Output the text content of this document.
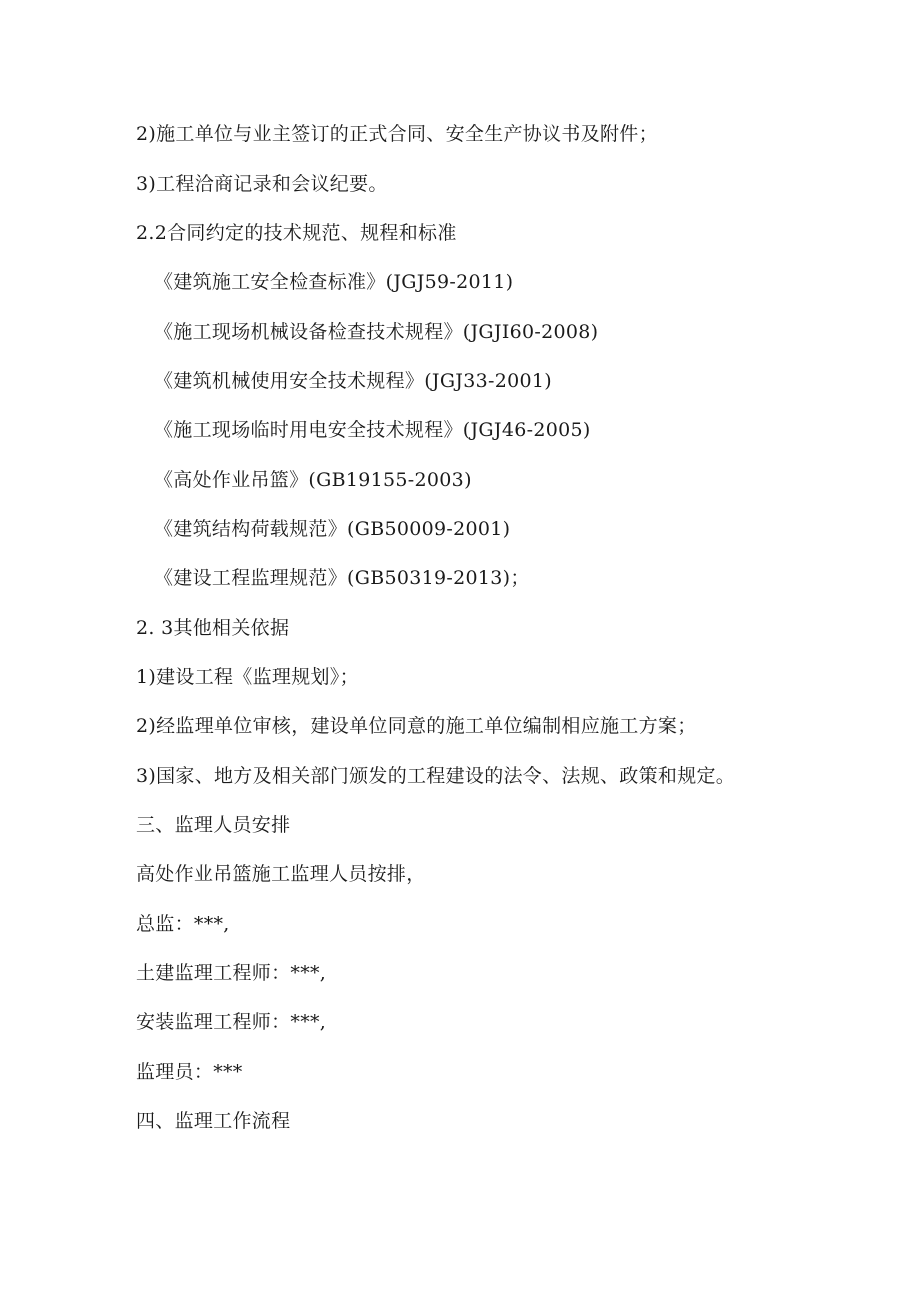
2)施工单位与业主签订的正式合同、安全生产协议书及附件；
3)工程洽商记录和会议纪要。
2.2合同约定的技术规范、规程和标准
《建筑施工安全检查标准》(JGJ59-2011)
《施工现场机械设备检查技术规程》(JGJI60-2008)
《建筑机械使用安全技术规程》(JGJ33-2001)
《施工现场临时用电安全技术规程》(JGJ46-2005)
《高处作业吊篮》(GB19155-2003)
《建筑结构荷载规范》(GB50009-2001)
《建设工程监理规范》(GB50319-2013)；
2. 3其他相关依据
1)建设工程《监理规划》；
2)经监理单位审核，建设单位同意的施工单位编制相应施工方案；
3)国家、地方及相关部门颁发的工程建设的法令、法规、政策和规定。
三、监理人员安排
高处作业吊篮施工监理人员按排，
总监：***,
土建监理工程师：***,
安装监理工程师：***,
监理员：***
四、监理工作流程
